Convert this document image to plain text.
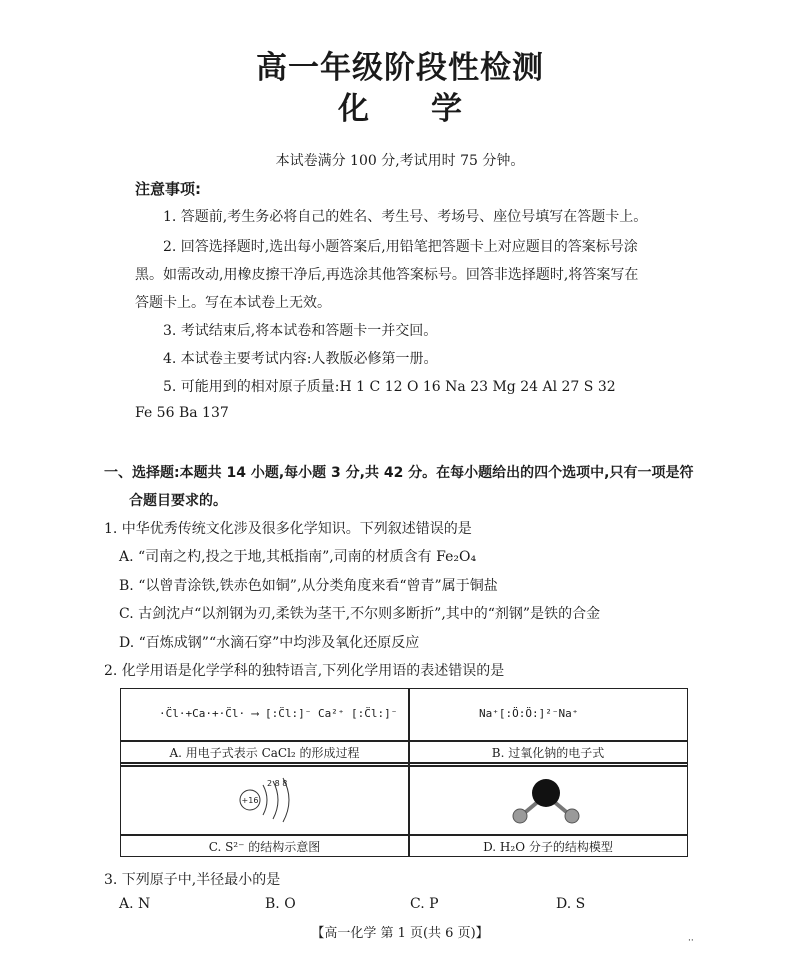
高一年级阶段性检测
化 学
本试卷满分 100 分,考试用时 75 分钟。
注意事项:
1. 答题前,考生务必将自己的姓名、考生号、考场号、座位号填写在答题卡上。
2. 回答选择题时,选出每小题答案后,用铅笔把答题卡上对应题目的答案标号涂
黑。如需改动,用橡皮擦干净后,再选涂其他答案标号。回答非选择题时,将答案写在
答题卡上。写在本试卷上无效。
3. 考试结束后,将本试卷和答题卡一并交回。
4. 本试卷主要考试内容:人教版必修第一册。
5. 可能用到的相对原子质量:H 1 C 12 O 16 Na 23 Mg 24 Al 27 S 32
Fe 56 Ba 137
一、选择题:本题共 14 小题,每小题 3 分,共 42 分。在每小题给出的四个选项中,只有一项是符
合题目要求的。
1. 中华优秀传统文化涉及很多化学知识。下列叙述错误的是
A. “司南之杓,投之于地,其柢指南”,司南的材质含有 Fe₂O₄
B. “以曾青涂铁,铁赤色如铜”,从分类角度来看“曾青”属于铜盐
C. 古剑沈卢“以剂钢为刃,柔铁为茎干,不尔则多断折”,其中的“剂钢”是铁的合金
D. “百炼成钢”“水滴石穿”中均涉及氧化还原反应
2. 化学用语是化学学科的独特语言,下列化学用语的表述错误的是
·C̈l·+Ca·+·C̈l· ⟶ [:C̈l:]⁻ Ca²⁺ [:C̈l:]⁻	Na⁺[:Ö:Ö:]²⁻Na⁺
A. 用电子式表示 CaCl₂ 的形成过程	B. 过氧化钠的电子式
+16
2 8 8
C. S²⁻ 的结构示意图	D. H₂O 分子的结构模型
3. 下列原子中,半径最小的是
A. N	B. O	C. P	D. S
【高一化学 第 1 页(共 6 页)】	··
